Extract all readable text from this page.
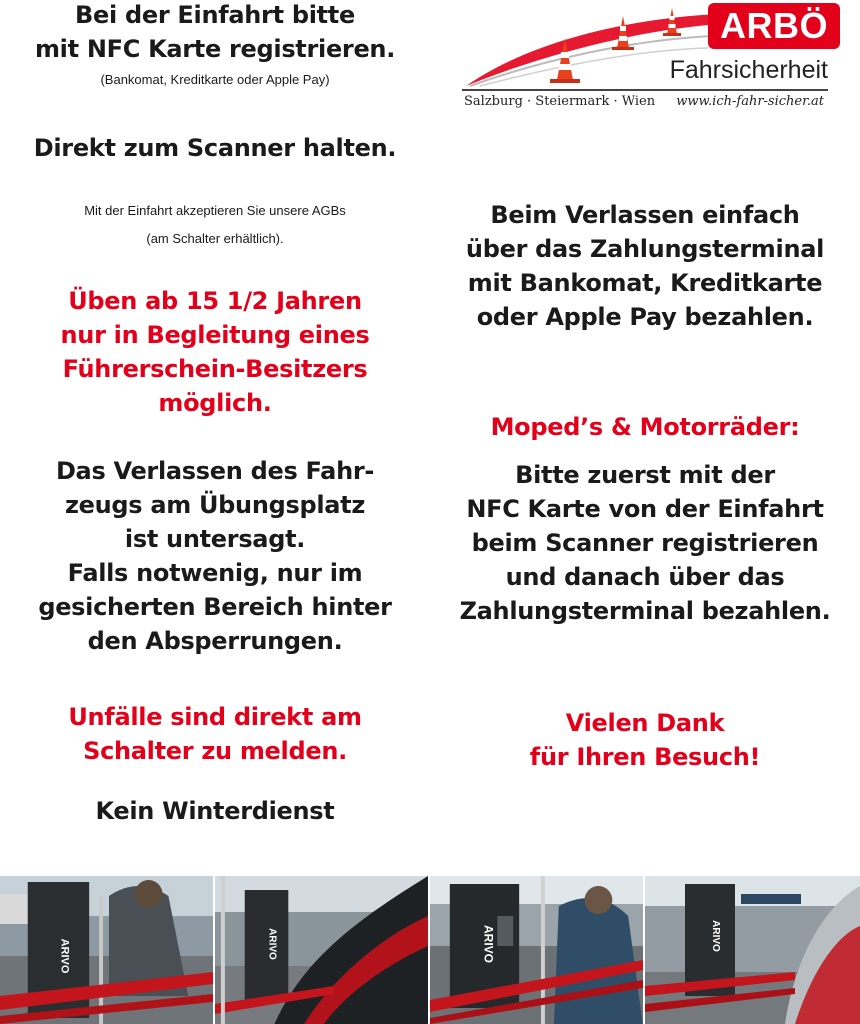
Bei der Einfahrt bitte
mit NFC Karte registrieren.
(Bankomat, Kreditkarte oder Apple Pay)
Direkt zum Scanner halten.
Mit der Einfahrt akzeptieren Sie unsere AGBs
(am Schalter erhältlich).
Üben ab 15 1/2 Jahren
nur in Begleitung eines
Führerschein-Besitzers
möglich.
Das Verlassen des Fahr-
zeugs am Übungsplatz
ist untersagt.
Falls notwenig, nur im
gesicherten Bereich hinter
den Absperrungen.
Unfälle sind direkt am
Schalter zu melden.
Kein Winterdienst
ARBÖ
Fahrsicherheit
Salzburg · Steiermark · Wien www.ich-fahr-sicher.at
Beim Verlassen einfach
über das Zahlungsterminal
mit Bankomat, Kreditkarte
oder Apple Pay bezahlen.
Moped’s & Motorräder:
Bitte zuerst mit der
NFC Karte von der Einfahrt
beim Scanner registrieren
und danach über das
Zahlungsterminal bezahlen.
Vielen Dank
für Ihren Besuch!
ARIVO	ARIVO	ARIVO	ARIVO
